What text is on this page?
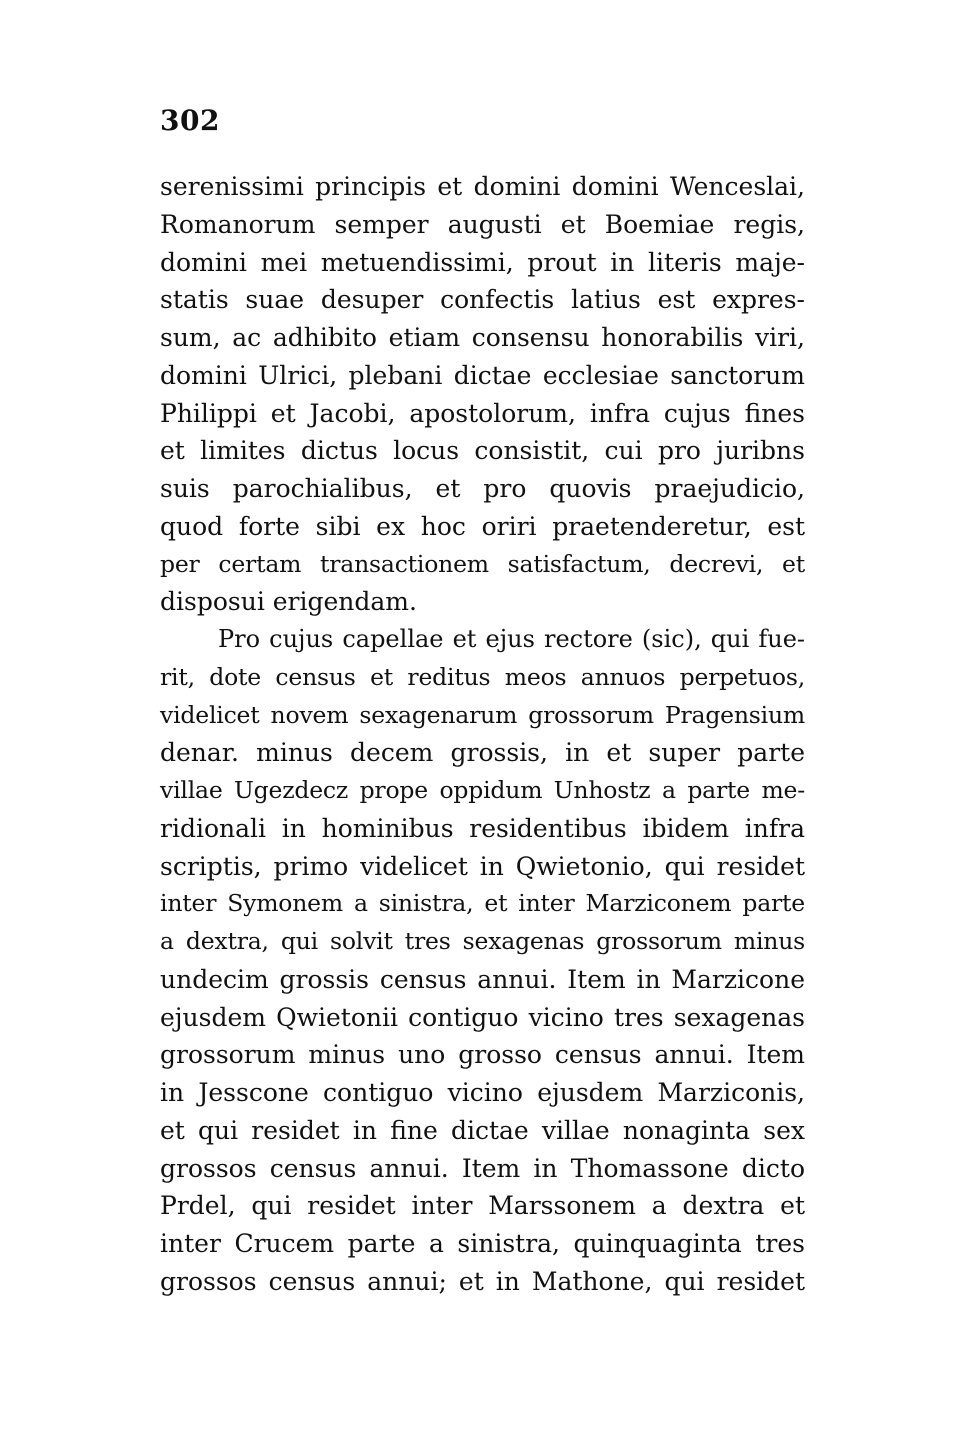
302
serenissimi principis et domini domini Wenceslai,
Romanorum semper augusti et Boemiae regis,
domini mei metuendissimi, prout in literis maje-
statis suae desuper confectis latius est expres-
sum, ac adhibito etiam consensu honorabilis viri,
domini Ulrici, plebani dictae ecclesiae sanctorum
Philippi et Jacobi, apostolorum, infra cujus fines
et limites dictus locus consistit, cui pro juribns
suis parochialibus, et pro quovis praejudicio,
quod forte sibi ex hoc oriri praetenderetur, est
per certam transactionem satisfactum, decrevi, et
disposui erigendam.
Pro cujus capellae et ejus rectore (sic), qui fue-
rit, dote census et reditus meos annuos perpetuos,
videlicet novem sexagenarum grossorum Pragensium
denar. minus decem grossis, in et super parte
villae Ugezdecz prope oppidum Unhostz a parte me-
ridionali in hominibus residentibus ibidem infra
scriptis, primo videlicet in Qwietonio, qui residet
inter Symonem a sinistra, et inter Marziconem parte
a dextra, qui solvit tres sexagenas grossorum minus
undecim grossis census annui. Item in Marzicone
ejusdem Qwietonii contiguo vicino tres sexagenas
grossorum minus uno grosso census annui. Item
in Jesscone contiguo vicino ejusdem Marziconis,
et qui residet in fine dictae villae nonaginta sex
grossos census annui. Item in Thomassone dicto
Prdel, qui residet inter Marssonem a dextra et
inter Crucem parte a sinistra, quinquaginta tres
grossos census annui; et in Mathone, qui residet
